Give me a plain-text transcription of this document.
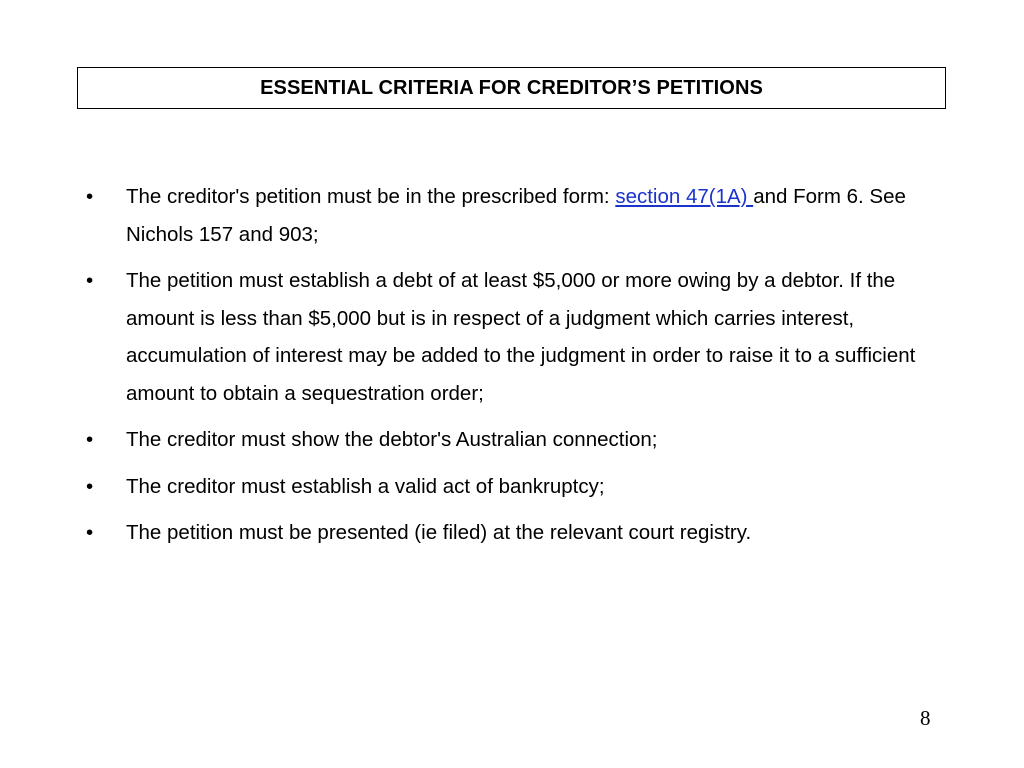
ESSENTIAL CRITERIA FOR CREDITOR’S PETITIONS
• The creditor's petition must be in the prescribed form: section 47(1A) and Form 6. See Nichols 157 and 903;
• The petition must establish a debt of at least $5,000 or more owing by a debtor. If the amount is less than $5,000 but is in respect of a judgment which carries interest, accumulation of interest may be added to the judgment in order to raise it to a sufficient amount to obtain a sequestration order;
• The creditor must show the debtor's Australian connection;
• The creditor must establish a valid act of bankruptcy;
• The petition must be presented (ie filed) at the relevant court registry.
8
